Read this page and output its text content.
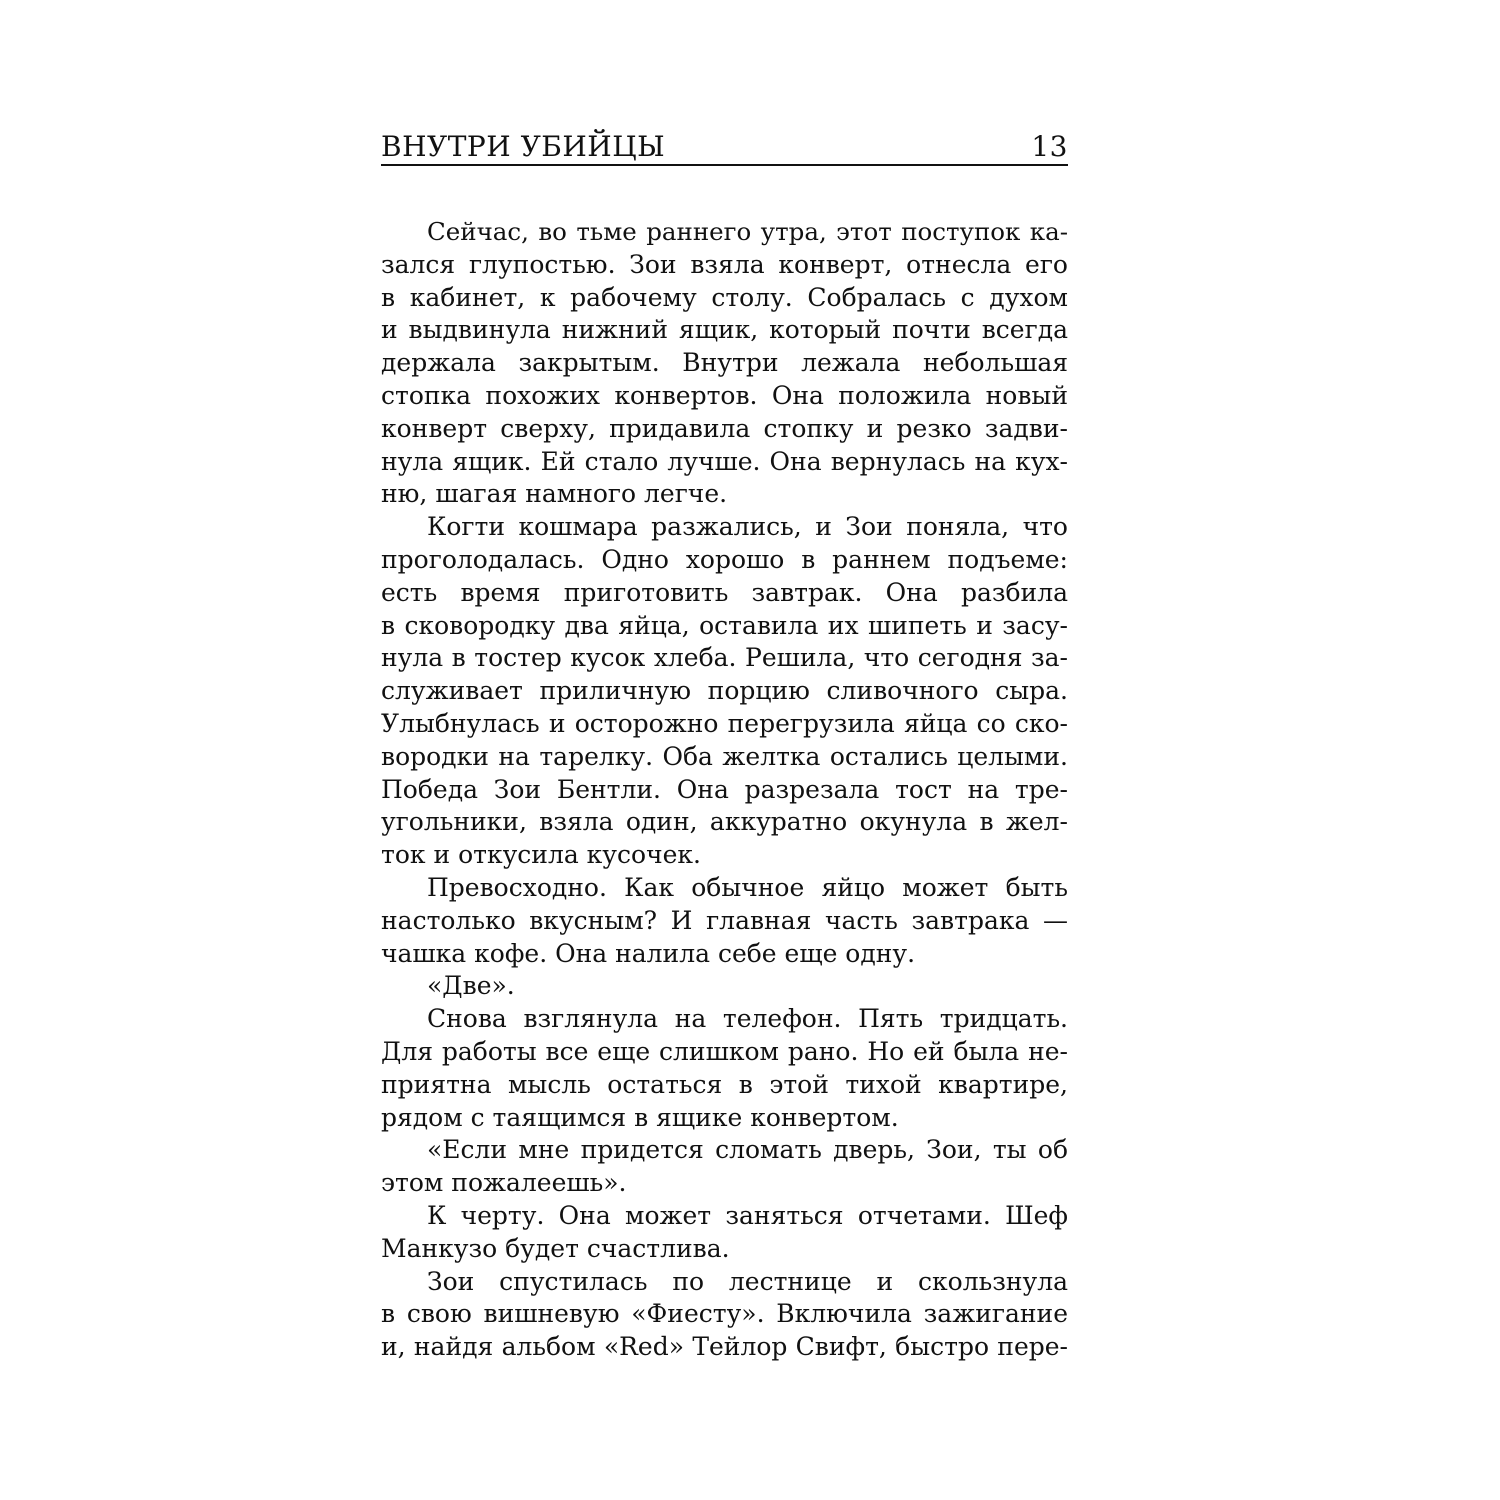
ВНУТРИ УБИЙЦЫ	13
Сейчас, во тьме раннего утра, этот поступок ка-
зался глупостью. Зои взяла конверт, отнесла его
в кабинет, к рабочему столу. Собралась с духом
и выдвинула нижний ящик, который почти всегда
держала закрытым. Внутри лежала небольшая
стопка похожих конвертов. Она положила новый
конверт сверху, придавила стопку и резко задви-
нула ящик. Ей стало лучше. Она вернулась на кух-
ню, шагая намного легче.
Когти кошмара разжались, и Зои поняла, что
проголодалась. Одно хорошо в раннем подъеме:
есть время приготовить завтрак. Она разбила
в сковородку два яйца, оставила их шипеть и засу-
нула в тостер кусок хлеба. Решила, что сегодня за-
служивает приличную порцию сливочного сыра.
Улыбнулась и осторожно перегрузила яйца со ско-
вородки на тарелку. Оба желтка остались целыми.
Победа Зои Бентли. Она разрезала тост на тре-
угольники, взяла один, аккуратно окунула в жел-
ток и откусила кусочек.
Превосходно. Как обычное яйцо может быть
настолько вкусным? И главная часть завтрака —
чашка кофе. Она налила себе еще одну.
«Две».
Снова взглянула на телефон. Пять тридцать.
Для работы все еще слишком рано. Но ей была не-
приятна мысль остаться в этой тихой квартире,
рядом с таящимся в ящике конвертом.
«Если мне придется сломать дверь, Зои, ты об
этом пожалеешь».
К черту. Она может заняться отчетами. Шеф
Манкузо будет счастлива.
Зои спустилась по лестнице и скользнула
в свою вишневую «Фиесту». Включила зажигание
и, найдя альбом «Red» Тейлор Свифт, быстро пере-
